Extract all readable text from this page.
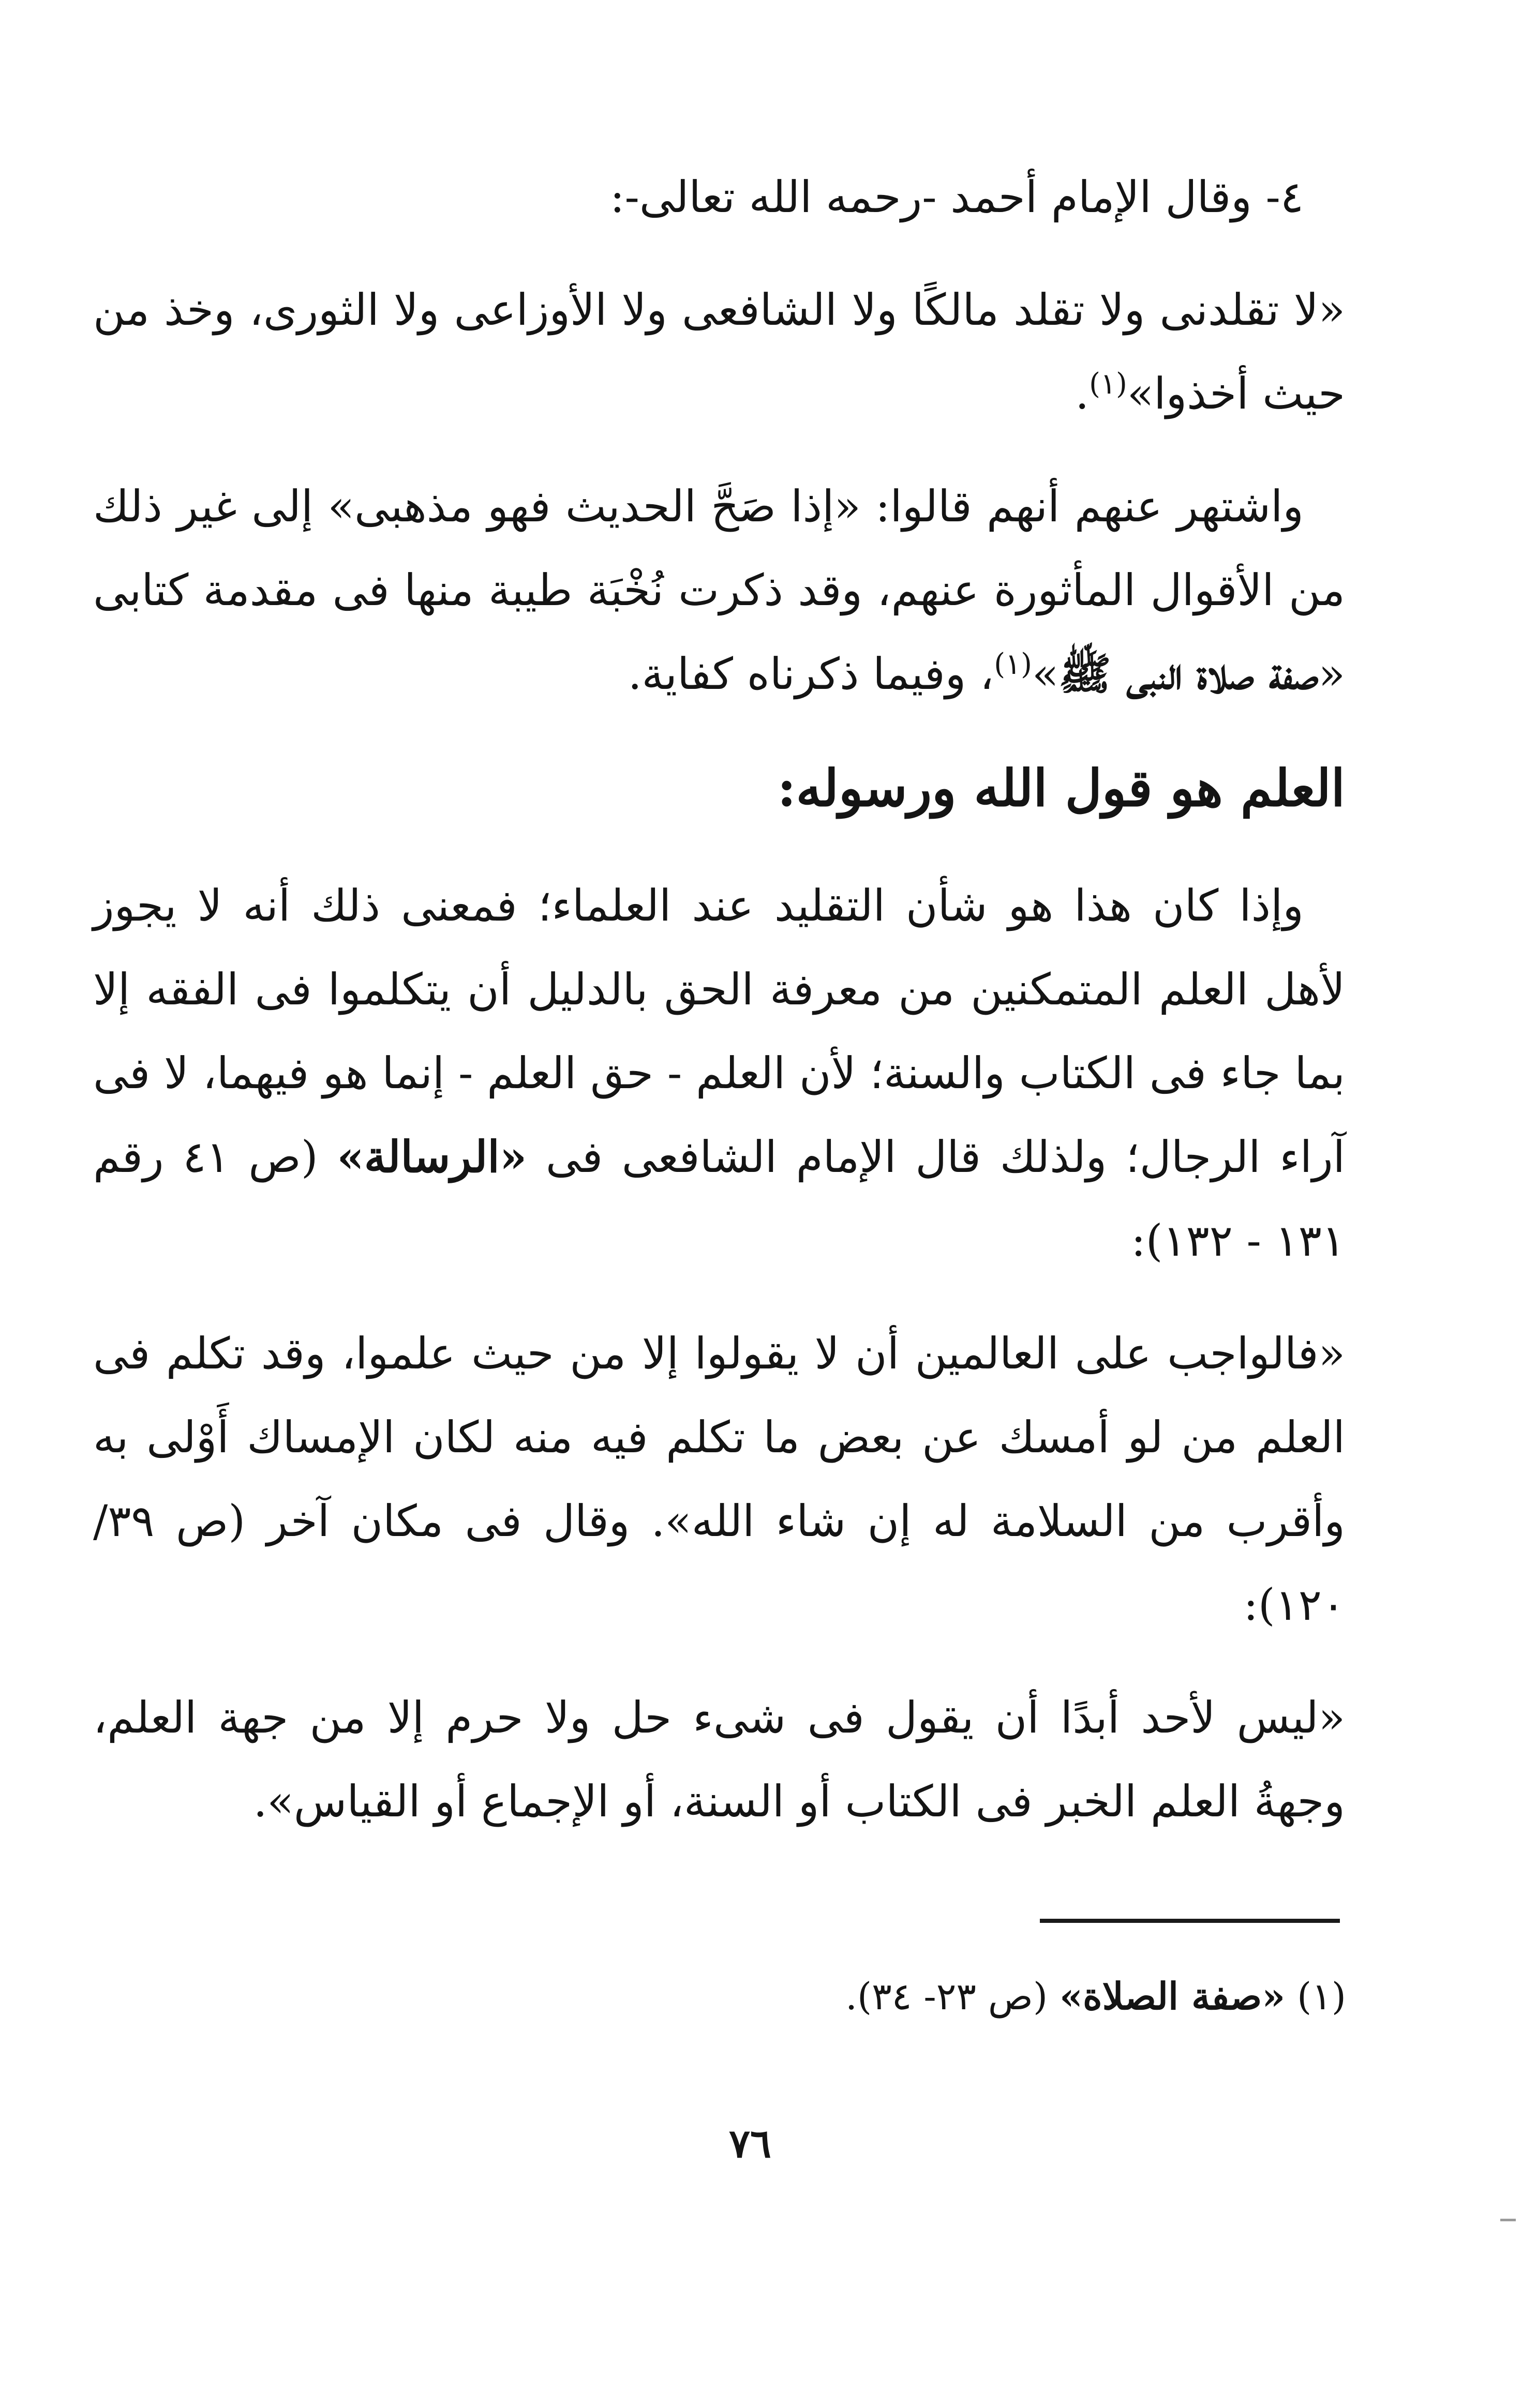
٤- وقال الإمام أحمد -رحمه الله تعالى-:

«لا تقلدنى ولا تقلد مالكًا ولا الشافعى ولا الأوزاعى ولا الثورى، وخذ من حيث أخذوا»$^{(١)}$.

واشتهر عنهم أنهم قالوا: «إذا صَحَّ الحديث فهو مذهبى» إلى غير ذلك من الأقوال المأثورة عنهم، وقد ذكرت نُخْبَة طيبة منها فى مقدمة كتابى «صفة صلاة النبى ﷺ»$^{(١)}$، وفيما ذكرناه كفاية.

العلم هو قول الله ورسوله:

وإذا كان هذا هو شأن التقليد عند العلماء؛ فمعنى ذلك أنه لا يجوز لأهل العلم المتمكنين من معرفة الحق بالدليل أن يتكلموا فى الفقه إلا بما جاء فى الكتاب والسنة؛ لأن العلم - حق العلم - إنما هو فيهما، لا فى آراء الرجال؛ ولذلك قال الإمام الشافعى فى «الرسالة» (ص ٤١ رقم ١٣١ - ١٣٢):

«فالواجب على العالمين أن لا يقولوا إلا من حيث علموا، وقد تكلم فى العلم من لو أمسك عن بعض ما تكلم فيه منه لكان الإمساك أَوْلى به وأقرب من السلامة له إن شاء الله». وقال فى مكان آخر (ص ٣٩/ ١٢٠):

«ليس لأحد أبدًا أن يقول فى شىء حل ولا حرم إلا من جهة العلم، وجهةُ العلم الخبر فى الكتاب أو السنة، أو الإجماع أو القياس».

(١) «صفة الصلاة» (ص ٢٣- ٣٤).
٧٦
